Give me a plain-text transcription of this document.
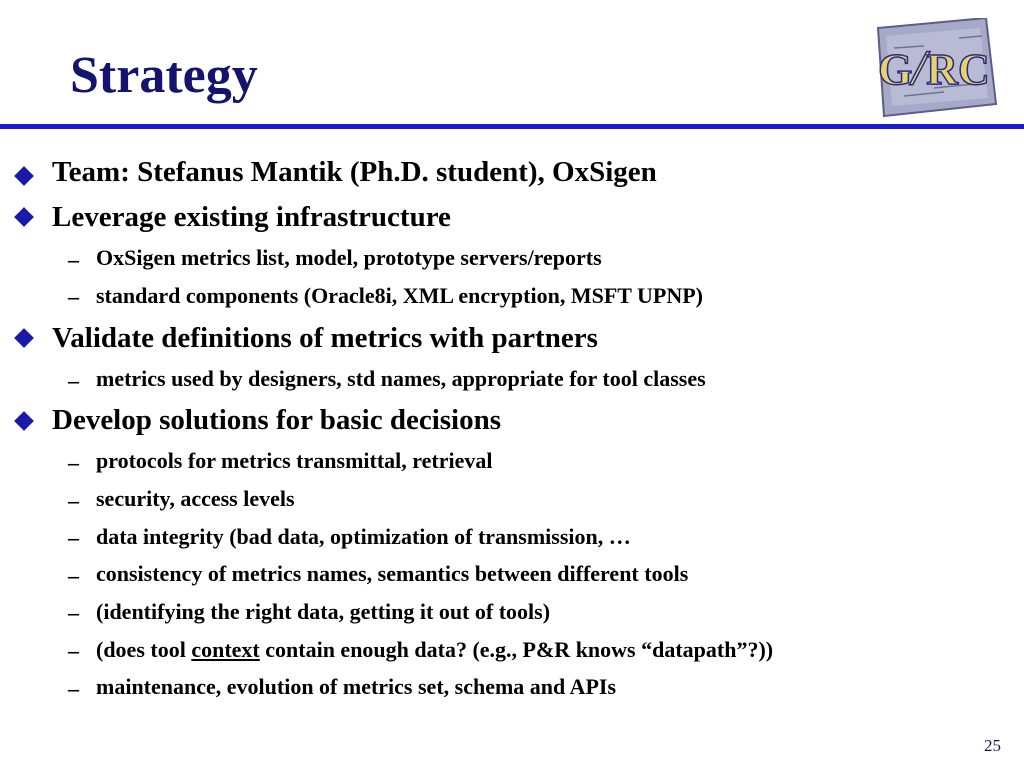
Strategy	G/RC
Team: Stefanus Mantik (Ph.D. student), OxSigen
Leverage existing infrastructure
– OxSigen metrics list, model, prototype servers/reports
– standard components (Oracle8i, XML encryption, MSFT UPNP)
Validate definitions of metrics with partners
– metrics used by designers, std names, appropriate for tool classes
Develop solutions for basic decisions
– protocols for metrics transmittal, retrieval
– security, access levels
– data integrity (bad data, optimization of transmission, …
– consistency of metrics names, semantics between different tools
– (identifying the right data, getting it out of tools)
– (does tool context contain enough data? (e.g., P&R knows “datapath”?))
– maintenance, evolution of metrics set, schema and APIs
25
